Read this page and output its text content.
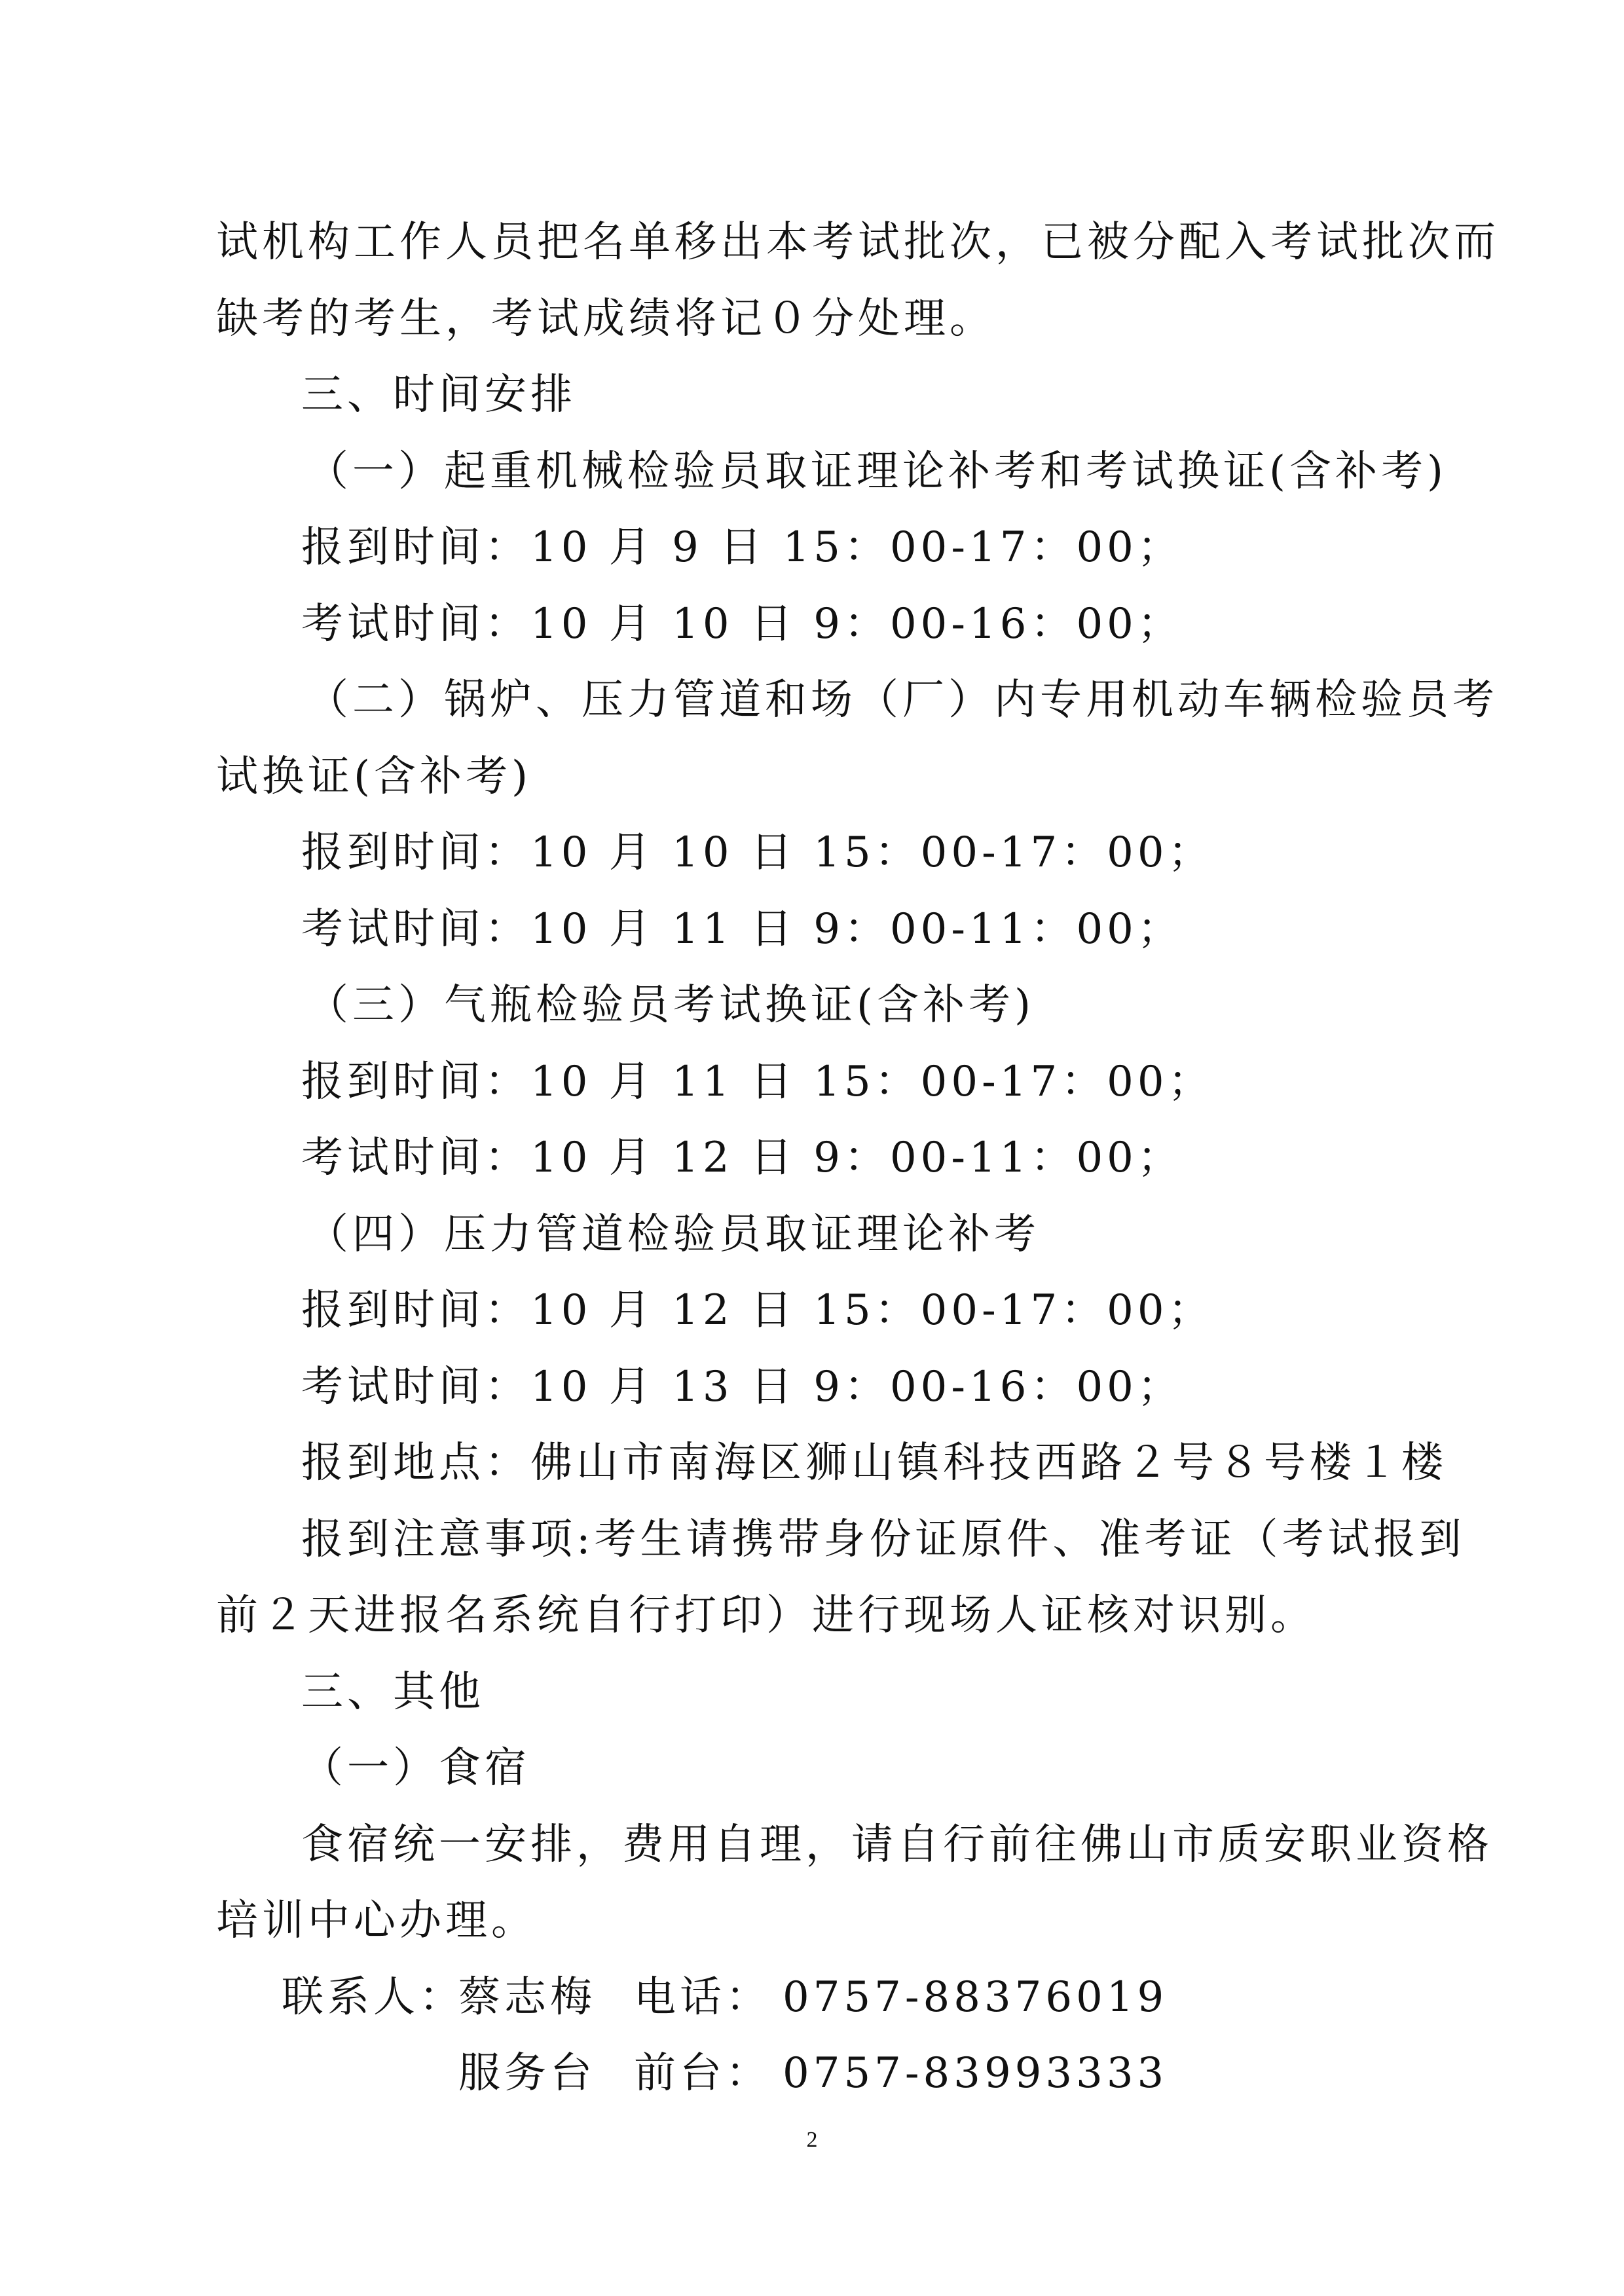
试机构工作人员把名单移出本考试批次，已被分配入考试批次而
缺考的考生，考试成绩将记０分处理。
三、时间安排
（一）起重机械检验员取证理论补考和考试换证(含补考)
报到时间：10 月 9 日 15：00-17：00；
考试时间：10 月 10 日 9：00-16：00；
（二）锅炉、压力管道和场（厂）内专用机动车辆检验员考
试换证(含补考)
报到时间：10 月 10 日 15：00-17：00；
考试时间：10 月 11 日 9：00-11：00；
（三）气瓶检验员考试换证(含补考)
报到时间：10 月 11 日 15：00-17：00；
考试时间：10 月 12 日 9：00-11：00；
（四）压力管道检验员取证理论补考
报到时间：10 月 12 日 15：00-17：00；
考试时间：10 月 13 日 9：00-16：00；
报到地点：佛山市南海区狮山镇科技西路２号８号楼１楼
报到注意事项:考生请携带身份证原件、准考证（考试报到
前２天进报名系统自行打印）进行现场人证核对识别。
三、其他
（一）食宿
食宿统一安排，费用自理，请自行前往佛山市质安职业资格
培训中心办理。
联系人：
蔡志梅 电话： 0757-88376019
服务台 前台： 0757-83993333
2
